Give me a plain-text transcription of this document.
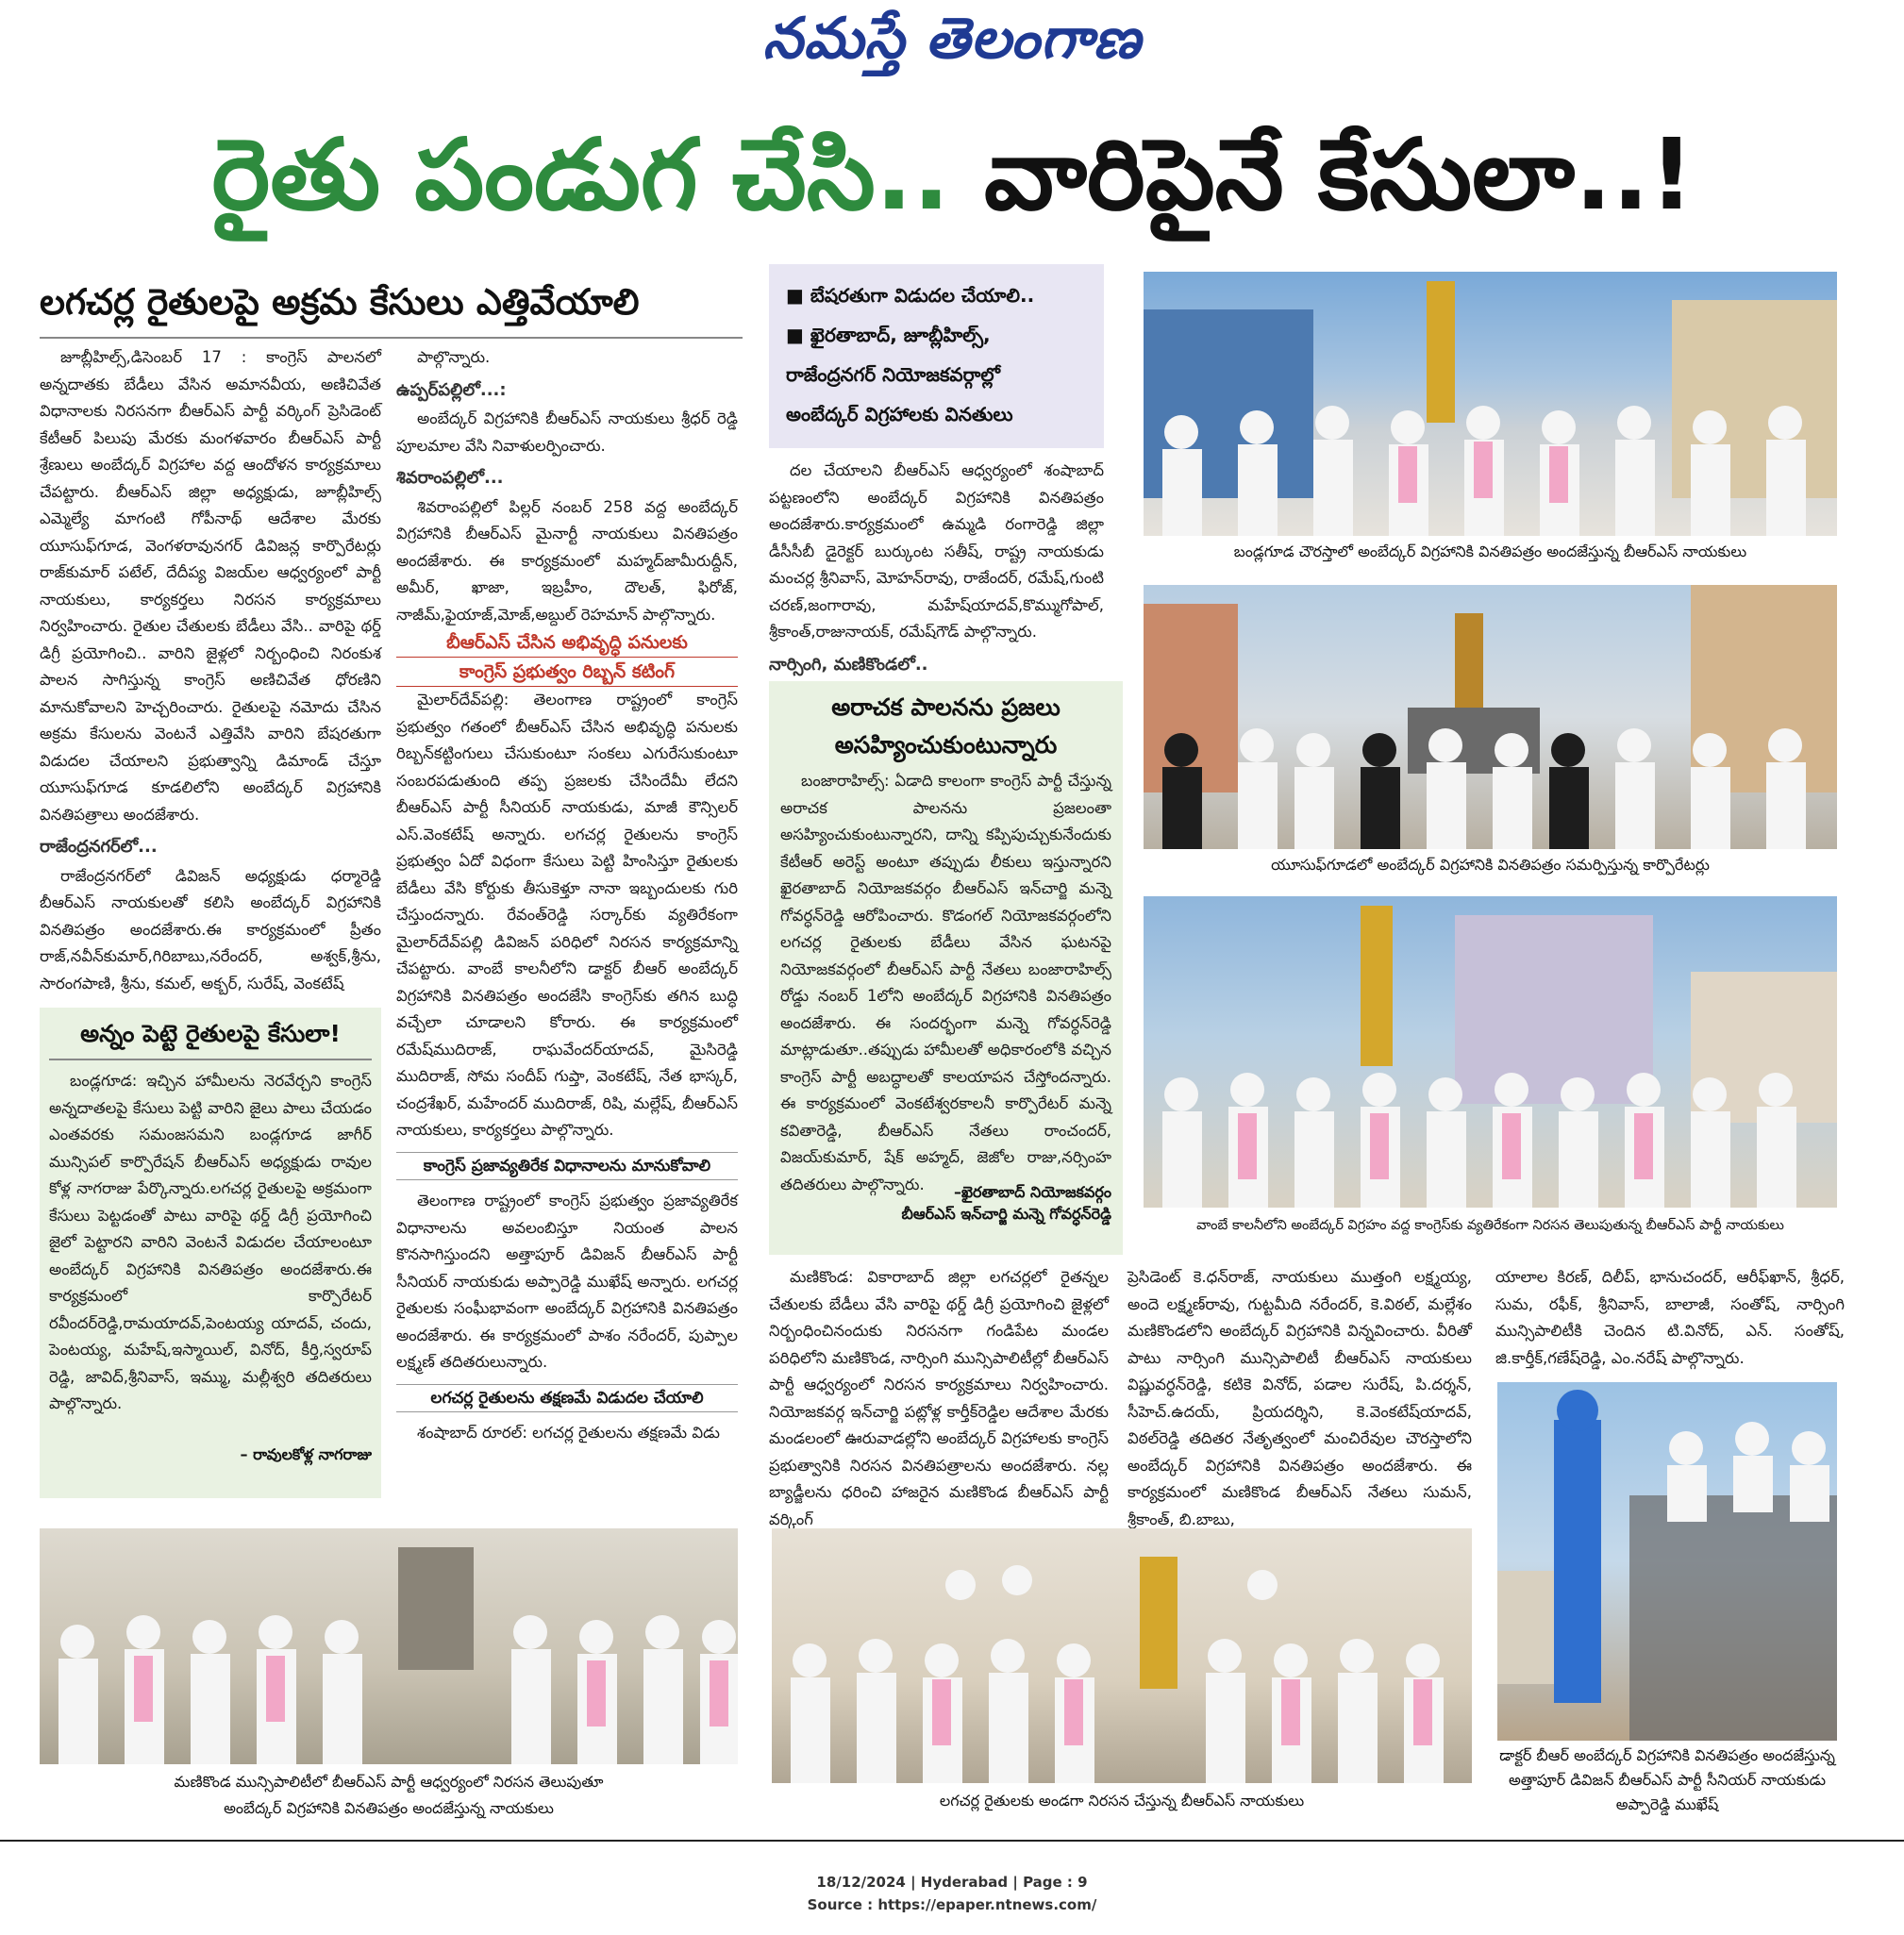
నమస్తే తెలంగాణ
రైతు పండుగ చేసి.. వారిపైనే కేసులా..!
లగచర్ల రైతులపై అక్రమ కేసులు ఎత్తివేయాలి

జూబ్లీహిల్స్,డిసెంబర్ 17 : కాంగ్రెస్ పాలనలో అన్నదాతకు బేడీలు వేసిన అమానవీయ, అణిచివేత విధానాలకు నిరసనగా బీఆర్ఎస్ పార్టీ వర్కింగ్ ప్రెసిడెంట్ కేటీఆర్ పిలుపు మేరకు మంగళవారం బీఆర్ఎస్ పార్టీ శ్రేణులు అంబేద్కర్ విగ్రహాల వద్ద ఆందోళన కార్యక్రమాలు చేపట్టారు. బీఆర్ఎస్ జిల్లా అధ్యక్షుడు, జూబ్లీహిల్స్ ఎమ్మెల్యే మాగంటి గోపీనాథ్ ఆదేశాల మేరకు యూసుఫ్‌గూడ, వెంగళరావునగర్ డివిజన్ల కార్పొరేటర్లు రాజ్‌కుమార్ పటేల్, దేదీప్య విజయ్‌ల ఆధ్వర్యంలో పార్టీ నాయకులు, కార్యకర్తలు నిరసన కార్యక్రమాలు నిర్వహించారు. రైతుల చేతులకు బేడీలు వేసి.. వారిపై థర్డ్ డిగ్రీ ప్రయోగించి.. వారిని జైళ్లలో నిర్బంధించి నిరంకుశ పాలన సాగిస్తున్న కాంగ్రెస్ అణిచివేత ధోరణిని మానుకోవాలని హెచ్చరించారు. రైతులపై నమోదు చేసిన అక్రమ కేసులను వెంటనే ఎత్తివేసి వారిని బేషరతుగా విడుదల చేయాలని ప్రభుత్వాన్ని డిమాండ్ చేస్తూ యూసుఫ్‌గూడ కూడలిలోని అంబేద్కర్ విగ్రహానికి వినతిపత్రాలు అందజేశారు.

రాజేంద్రనగర్‌లో...

రాజేంద్రనగర్‌లో డివిజన్ అధ్యక్షుడు ధర్మారెడ్డి బీఆర్ఎస్ నాయకులతో కలిసి అంబేద్కర్ విగ్రహానికి వినతిపత్రం అందజేశారు.ఈ కార్యక్రమంలో ప్రీతం రాజ్,నవీన్‌కుమార్,గిరిబాబు,నరేందర్, అశ్వక్,శ్రీను, సారంగపాణి, శ్రీను, కమల్, అక్బర్, సురేష్, వెంకటేష్

అన్నం పెట్టె రైతులపై కేసులా!

బండ్లగూడ: ఇచ్చిన హామీలను నెరవేర్చని కాంగ్రెస్ అన్నదాతలపై కేసులు పెట్టి వారిని జైలు పాలు చేయడం ఎంతవరకు సమంజసమని బండ్లగూడ జాగీర్ మున్సిపల్ కార్పొరేషన్ బీఆర్ఎస్ అధ్యక్షుడు రావుల కోళ్ల నాగరాజు పేర్కొన్నారు.లగచర్ల రైతులపై అక్రమంగా కేసులు పెట్టడంతో పాటు వారిపై థర్డ్ డిగ్రీ ప్రయోగించి జైలో పెట్టారని వారిని వెంటనే విడుదల చేయాలంటూ అంబేద్కర్ విగ్రహానికి వినతిపత్రం అందజేశారు.ఈ కార్యక్రమంలో కార్పొరేటర్ రవీందర్‌రెడ్డి,రామయాదవ్,పెంటయ్య యాదవ్, చందు, పెంటయ్య, మహేష్,ఇస్మాయిల్, వినోద్, కీర్తి,స్వరూప్ రెడ్డి, జావిద్,శ్రీనివాస్, ఇమ్ము, మల్లీశ్వరి తదితరులు పాల్గొన్నారు.

– రావులకోళ్ల నాగరాజు

పాల్గొన్నారు.

ఉప్పర్‌పల్లిలో...:

అంబేద్కర్ విగ్రహానికి బీఆర్ఎస్ నాయకులు శ్రీధర్ రెడ్డి పూలమాల వేసి నివాళులర్పించారు.

శివరాంపల్లిలో...

శివరాంపల్లిలో పిల్లర్ నంబర్ 258 వద్ద అంబేద్కర్ విగ్రహానికి బీఆర్ఎస్ మైనార్టీ నాయకులు వినతిపత్రం అందజేశారు. ఈ కార్యక్రమంలో మహ్మద్‌జామీరుద్దీన్, అమీర్, ఖాజా, ఇబ్రహీం, దౌలత్, ఫిరోజ్, నాజీమ్,ఫైయాజ్,మోజ్,అబ్దుల్ రెహమాన్ పాల్గొన్నారు.

బీఆర్ఎస్ చేసిన అభివృద్ధి పనులకు
కాంగ్రెస్ ప్రభుత్వం రిబ్బన్ కటింగ్

మైలార్‌దేవ్‌పల్లి: తెలంగాణ రాష్ట్రంలో కాంగ్రెస్ ప్రభుత్వం గతంలో బీఆర్ఎస్ చేసిన అభివృద్ధి పనులకు రిబ్బన్‌కట్టింగులు చేసుకుంటూ సంకలు ఎగురేసుకుంటూ సంబరపడుతుంది తప్ప ప్రజలకు చేసిందేమీ లేదని బీఆర్ఎస్ పార్టీ సీనియర్ నాయకుడు, మాజీ కౌన్సిలర్ ఎస్.వెంకటేష్ అన్నారు. లగచర్ల రైతులను కాంగ్రెస్ ప్రభుత్వం ఏదో విధంగా కేసులు పెట్టి హింసిస్తూ రైతులకు బేడీలు వేసి కోర్టుకు తీసుకెళ్తూ నానా ఇబ్బందులకు గురి చేస్తుందన్నారు. రేవంత్‌రెడ్డి సర్కార్‌కు వ్యతిరేకంగా మైలార్‌దేవ్‌పల్లి డివిజన్ పరిధిలో నిరసన కార్యక్రమాన్ని చేపట్టారు. వాంబే కాలనీలోని డాక్టర్ బీఆర్ అంబేద్కర్ విగ్రహానికి వినతిపత్రం అందజేసి కాంగ్రెస్‌కు తగిన బుద్ధి వచ్చేలా చూడాలని కోరారు. ఈ కార్యక్రమంలో రమేష్‌ముదిరాజ్, రాఘవేందర్‌యాదవ్, మైసిరెడ్డి ముదిరాజ్, సోమ సందీప్ గుప్తా, వెంకటేష్, నేత భాస్కర్, చంద్రశేఖర్, మహేందర్ ముదిరాజ్, రిషి, మల్లేష్, బీఆర్ఎస్ నాయకులు, కార్యకర్తలు పాల్గొన్నారు.

కాంగ్రెస్ ప్రజావ్యతిరేక విధానాలను మానుకోవాలి

తెలంగాణ రాష్ట్రంలో కాంగ్రెస్ ప్రభుత్వం ప్రజావ్యతిరేక విధానాలను అవలంబిస్తూ నియంత పాలన కొనసాగిస్తుందని అత్తాపూర్ డివిజన్ బీఆర్ఎస్ పార్టీ సీనియర్ నాయకుడు అప్పారెడ్డి ముఖేష్ అన్నారు. లగచర్ల రైతులకు సంఘీభావంగా అంబేద్కర్ విగ్రహానికి వినతిపత్రం అందజేశారు. ఈ కార్యక్రమంలో పాశం నరేందర్, పుప్పాల లక్ష్మణ్ తదితరులున్నారు.

లగచర్ల రైతులను తక్షణమే విడుదల చేయాలి

శంషాబాద్ రూరల్: లగచర్ల రైతులను తక్షణమే విడు

■ బేషరతుగా విడుదల చేయాలి..
■ ఖైరతాబాద్, జూబ్లీహిల్స్,
రాజేంద్రనగర్ నియోజకవర్గాల్లో
అంబేద్కర్ విగ్రహాలకు వినతులు

దల చేయాలని బీఆర్ఎస్ ఆధ్వర్యంలో శంషాబాద్ పట్టణంలోని అంబేద్కర్ విగ్రహానికి వినతిపత్రం అందజేశారు.కార్యక్రమంలో ఉమ్మడి రంగారెడ్డి జిల్లా డీసీసీబీ డైరెక్టర్ బుర్కుంట సతీష్, రాష్ట్ర నాయకుడు మంచర్ల శ్రీనివాస్, మోహన్‌రావు, రాజేందర్, రమేష్,గుంటి చరణ్,జంగారావు, మహేష్‌యాదవ్,కొమ్ముగోపాల్, శ్రీకాంత్,రాజునాయక్, రమేష్‌గౌడ్ పాల్గొన్నారు.

నార్సింగి, మణికొండలో..

అరాచక పాలనను ప్రజలు
అసహ్యించుకుంటున్నారు

బంజారాహిల్స్: ఏడాది కాలంగా కాంగ్రెస్ పార్టీ చేస్తున్న అరాచక పాలనను ప్రజలంతా అసహ్యించుకుంటున్నారని, దాన్ని కప్పిపుచ్చుకునేందుకు కేటీఆర్ అరెస్ట్ అంటూ తప్పుడు లీకులు ఇస్తున్నారని ఖైరతాబాద్ నియోజకవర్గం బీఆర్ఎస్ ఇన్‌చార్జి మన్నె గోవర్ధన్‌రెడ్డి ఆరోపించారు. కొడంగల్ నియోజకవర్గంలోని లగచర్ల రైతులకు బేడీలు వేసిన ఘటనపై నియోజకవర్గంలో బీఆర్ఎస్ పార్టీ నేతలు బంజారాహిల్స్ రోడ్డు నంబర్ 1లోని అంబేద్కర్ విగ్రహానికి వినతిపత్రం అందజేశారు. ఈ సందర్భంగా మన్నె గోవర్ధన్‌రెడ్డి మాట్లాడుతూ..తప్పుడు హామీలతో అధికారంలోకి వచ్చిన కాంగ్రెస్ పార్టీ అబద్ధాలతో కాలయాపన చేస్తోందన్నారు. ఈ కార్యక్రమంలో వెంకటేశ్వరకాలనీ కార్పొరేటర్ మన్నె కవితారెడ్డి, బీఆర్ఎస్ నేతలు రాంచందర్, విజయ్‌కుమార్, షేక్ అహ్మద్, జెజోల రాజు,నర్సింహ తదితరులు పాల్గొన్నారు.	–ఖైరతాబాద్ నియోజకవర్గం
బీఆర్ఎస్ ఇన్‌చార్జి మన్నె గోవర్ధన్‌రెడ్డి

మణికొండ: వికారాబాద్ జిల్లా లగచర్లలో రైతన్నల చేతులకు బేడీలు వేసి వారిపై థర్డ్ డిగ్రీ ప్రయోగించి జైళ్లలో నిర్బంధించినందుకు నిరసనగా గండిపేట మండల పరిధిలోని మణికొండ, నార్సింగి మున్సిపాలిటీల్లో బీఆర్ఎస్ పార్టీ ఆధ్వర్యంలో నిరసన కార్యక్రమాలు నిర్వహించారు. నియోజకవర్గ ఇన్‌చార్జి పట్లోళ్ల కార్తీక్‌రెడ్డిల ఆదేశాల మేరకు మండలంలో ఊరువాడల్లోని అంబేద్కర్ విగ్రహాలకు కాంగ్రెస్ ప్రభుత్వానికి నిరసన వినతిపత్రాలను అందజేశారు. నల్ల బ్యాడ్జీలను ధరించి హాజరైన మణికొండ బీఆర్ఎస్ పార్టీ వర్కింగ్

ప్రెసిడెంట్ కె.ధన్‌రాజ్, నాయకులు ముత్తంగి లక్ష్మయ్య, అందె లక్ష్మణ్‌రావు, గుట్టమీది నరేందర్, కె.విఠల్, మల్లేశం మణికొండలోని అంబేద్కర్ విగ్రహానికి విన్నవించారు. వీరితో పాటు నార్సింగి మున్సిపాలిటీ బీఆర్ఎస్ నాయకులు విష్ణువర్ధన్‌రెడ్డి, కటికె వినోద్, పడాల సురేష్, పి.దర్శన్, సీహెచ్.ఉదయ్, ప్రియదర్శిని, కె.వెంకటేష్‌యాదవ్, విఠల్‌రెడ్డి తదితర నేతృత్వంలో మంచిరేవుల చౌరస్తాలోని అంబేద్కర్ విగ్రహానికి వినతిపత్రం అందజేశారు. ఈ కార్యక్రమంలో మణికొండ బీఆర్ఎస్ నేతలు సుమన్, శ్రీకాంత్, బి.బాబు,

యాలాల కిరణ్, దిలీప్, భానుచందర్, ఆరీఫ్‌ఖాన్, శ్రీధర్, సుమ, రఫీక్, శ్రీనివాస్, బాలాజీ, సంతోష్, నార్సింగి మున్సిపాలిటీకి చెందిన టి.వినోద్, ఎన్. సంతోష్, జి.కార్తీక్,గణేష్‌రెడ్డి, ఎం.నరేష్ పాల్గొన్నారు.

బండ్లగూడ చౌరస్తాలో అంబేద్కర్ విగ్రహానికి వినతిపత్రం అందజేస్తున్న బీఆర్ఎస్ నాయకులు
యూసుఫ్‌గూడలో అంబేద్కర్ విగ్రహానికి వినతిపత్రం సమర్పిస్తున్న కార్పొరేటర్లు
వాంబే కాలనీలోని అంబేద్కర్ విగ్రహం వద్ద కాంగ్రెస్‌కు వ్యతిరేకంగా నిరసన తెలుపుతున్న బీఆర్ఎస్ పార్టీ నాయకులు
డాక్టర్ బీఆర్ అంబేద్కర్ విగ్రహానికి వినతిపత్రం అందజేస్తున్న అత్తాపూర్ డివిజన్ బీఆర్ఎస్ పార్టీ సీనియర్ నాయకుడు అప్పారెడ్డి ముఖేష్
మణికొండ మున్సిపాలిటీలో బీఆర్ఎస్ పార్టీ ఆధ్వర్యంలో నిరసన తెలుపుతూ
అంబేద్కర్ విగ్రహానికి వినతిపత్రం అందజేస్తున్న నాయకులు	లగచర్ల రైతులకు అండగా నిరసన చేస్తున్న బీఆర్ఎస్ నాయకులు
18/12/2024 | Hyderabad | Page : 9
Source : https://epaper.ntnews.com/
